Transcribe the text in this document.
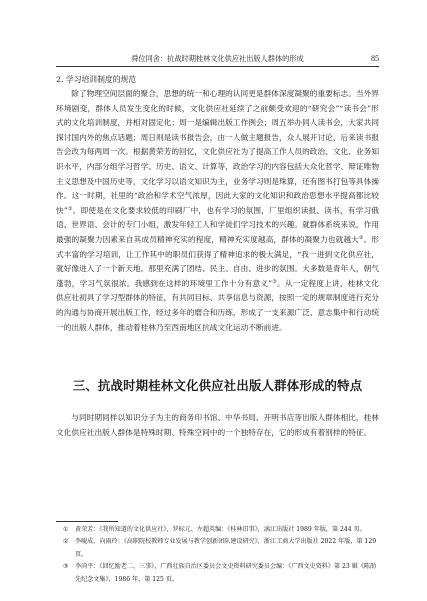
舜位同舍：抗战时期桂林文化供应社出版人群体的形成	85
2. 学习培训制度的规范

除了物理空间层面的聚合，思想的统一和心理的认同更是群体深度凝聚的重要标志。当外界环境剧变，群体人员发生变化的时候，文化供应社延续了之前颇受欢迎的“研究会”“读书会”形式的文化培训制度，并相对固定化；周一是编辑出版工作例会；周五举办同人读书会，大家共同探讨国内外的焦点话题；周日则是读书报告会，由一人做主题报告，众人展开讨论，后来读书报告会改为每两周一次。根据黄荣芳的回忆，文化供应社为了提高工作人员的政治、文化、业务知识水平，内部分组学习哲学、历史、语文、计算等，政治学习的内容包括大众化哲学、辩证唯物主义思想及中国历史等，文化学习以语文知识为主，业务学习则是珠算，还有图书打包等具体操作。这一时期，社里的“政治和学术空气浓厚，因此大家的文化知识和政治思想水平提高都比较快”①。即使是在文化要求较低的印刷厂中，也有学习的氛围，厂里组织读报、读书，有学习俄语、世界语、会计的专门小组，激发年轻工人和学徒们学习技术的兴趣。就群体系统来说，作用最强的凝聚力因素来自其成员精神充实的程度，精神充实度越高，群体的凝聚力也就越大②。形式丰富的学习培训，让工作其中的职员们获得了精神追求的极大满足，“我一进到文化供应社，就好像进入了一个新天地。那里充满了团结、民主、自由、进步的氛围。大多数是青年人，朝气蓬勃，学习气氛很浓。我感到在这样的环境里工作十分有意义”③。从一定程度上讲，桂林文化供应社初具了学习型群体的特征，有共同目标、共享信息与资源，按照一定的规章制度进行充分的沟通与协商开展出版工作，经过多年的磨合和历练，形成了一支来源广泛、意志集中和行动统一的出版人群体，推动着桂林乃至西南地区抗战文化运动不断前进。

三、抗战时期桂林文化供应社出版人群体形成的特点

与同时期同样以知识分子为主的商务印书馆、中华书局、开明书店等出版人群体相比，桂林文化供应社出版人群体是特殊时期、特殊空间中的一个独特存在，它的形成有着别样的特征。

① 黄荣芳：《我所知道的文化供应社》，罗标元、左超英编：《桂林旧事》，漓江出版社 1989 年版，第 244 页。
② 李岘成、向雨玲：《高职院校教师专业发展与教学创新团队建设研究》，浙江工商大学出版社 2022 年版，第 129 页。
③ 李尚平：《回忆励老二、三事》，广西壮族自治区委员会文史资料研究委员会编：《广西文史资料》第 23 辑《陈劭先纪念文集》，1986 年，第 125 页。
